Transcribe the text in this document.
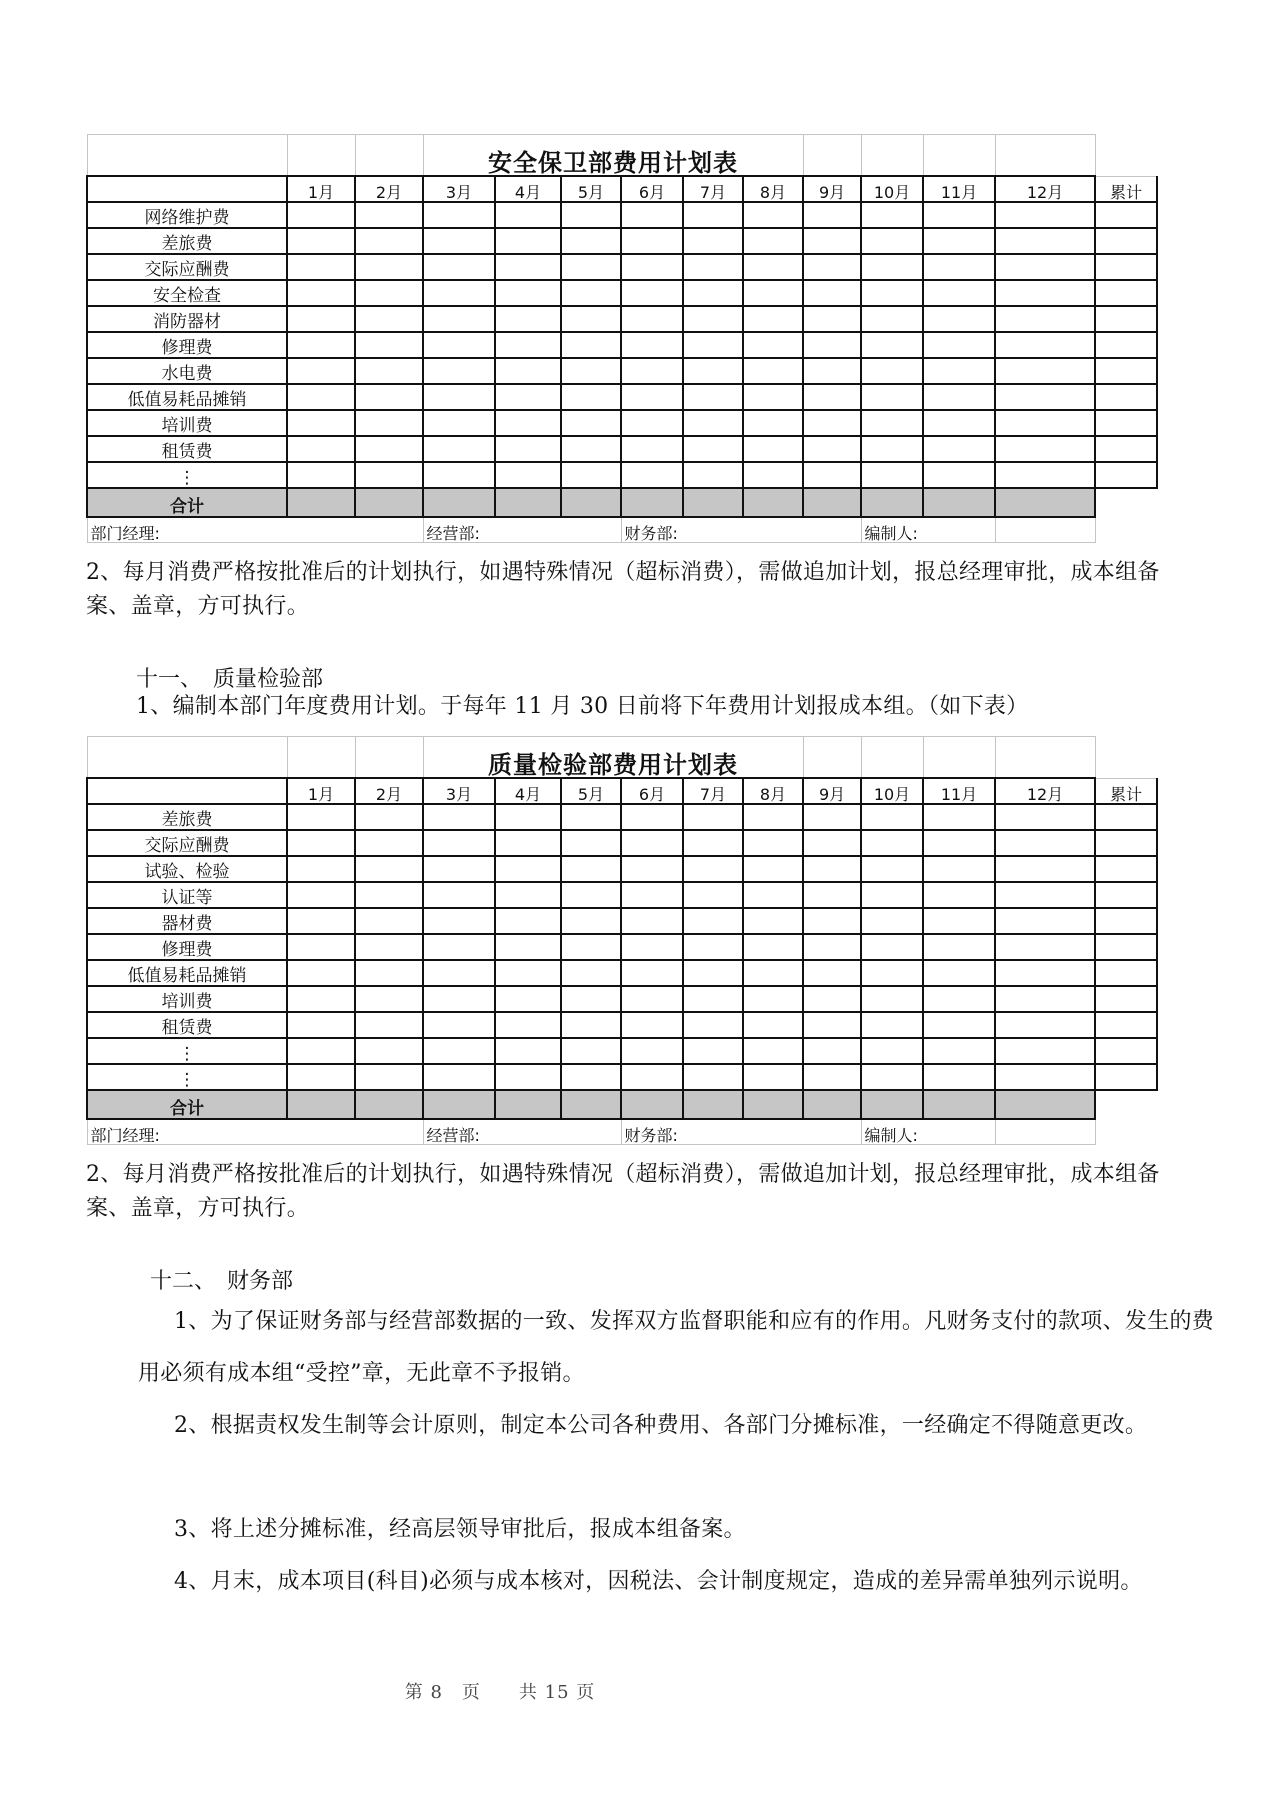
			安全保卫部费用计划表										
	1月	2月	3月	4月	5月	6月	7月	8月	9月	10月	11月	12月	累计
网络维护费													
差旅费													
交际应酬费													
安全检查													
消防器材													
修理费													
水电费													
低值易耗品摊销													
培训费													
租赁费													
⋮													
合计													
部门经理:			经营部:			财务部:				编制人:			

2、每月消费严格按批准后的计划执行，如遇特殊情况（超标消费），需做追加计划，报总经理审批，成本组备案、盖章，方可执行。

十一、　质量检验部

1、编制本部门年度费用计划。于每年 11 月 30 日前将下年费用计划报成本组。（如下表）

			质量检验部费用计划表										
	1月	2月	3月	4月	5月	6月	7月	8月	9月	10月	11月	12月	累计
差旅费													
交际应酬费													
试验、检验													
认证等													
器材费													
修理费													
低值易耗品摊销													
培训费													
租赁费													
⋮													
⋮													
合计													
部门经理:			经营部:			财务部:				编制人:			

2、每月消费严格按批准后的计划执行，如遇特殊情况（超标消费），需做追加计划，报总经理审批，成本组备案、盖章，方可执行。

十二、　财务部

1、为了保证财务部与经营部数据的一致、发挥双方监督职能和应有的作用。凡财务支付的款项、发生的费用必须有成本组“受控”章，无此章不予报销。

2、根据责权发生制等会计原则，制定本公司各种费用、各部门分摊标准，一经确定不得随意更改。

3、将上述分摊标准，经高层领导审批后，报成本组备案。

4、月末，成本项目(科目)必须与成本核对，因税法、会计制度规定，造成的差异需单独列示说明。

第 8　页　　共 15 页
